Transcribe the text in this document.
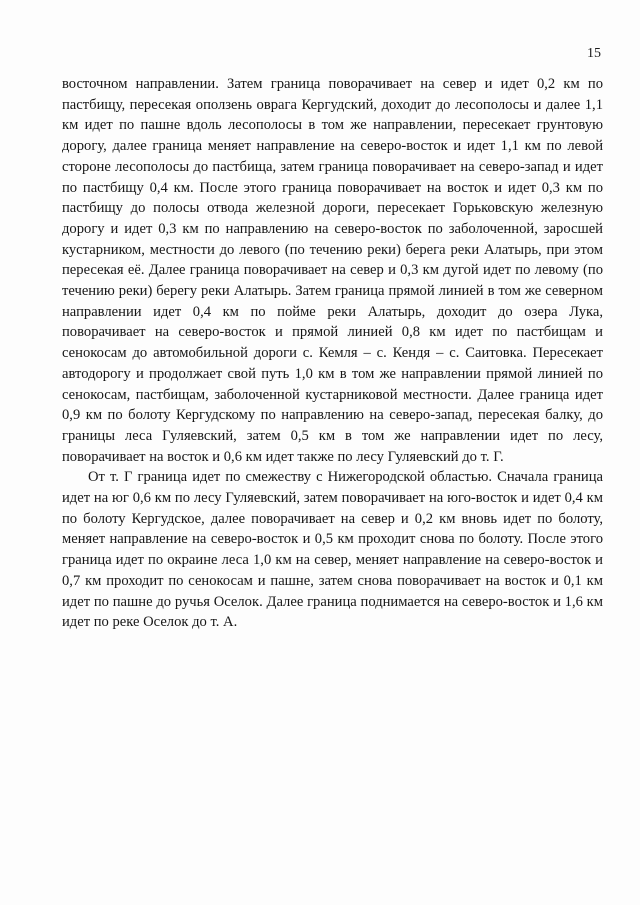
15

восточном направлении. Затем граница поворачивает на север и идет 0,2 км по пастбищу, пересекая оползень оврага Кергудский, доходит до лесополосы и далее 1,1 км идет по пашне вдоль лесополосы в том же направлении, пересекает грунтовую дорогу, далее граница меняет направление на северо-восток и идет 1,1 км по левой стороне лесополосы до пастбища, затем граница поворачивает на северо-запад и идет по пастбищу 0,4 км. После этого граница поворачивает на восток и идет 0,3 км по пастбищу до полосы отвода железной дороги, пересекает Горьковскую железную дорогу и идет 0,3 км по направлению на северо-восток по заболоченной, заросшей кустарником, местности до левого (по течению реки) берега реки Алатырь, при этом пересекая её. Далее граница поворачивает на север и 0,3 км дугой идет по левому (по течению реки) берегу реки Алатырь. Затем граница прямой линией в том же северном направлении идет 0,4 км по пойме реки Алатырь, доходит до озера Лука, поворачивает на северо-восток и прямой линией 0,8 км идет по пастбищам и сенокосам до автомобильной дороги с. Кемля – с. Кендя – с. Саитовка. Пересекает автодорогу и продолжает свой путь 1,0 км в том же направлении прямой линией по сенокосам, пастбищам, заболоченной кустарниковой местности. Далее граница идет 0,9 км по болоту Кергудскому по направлению на северо-запад, пересекая балку, до границы леса Гуляевский, затем 0,5 км в том же направлении идет по лесу, поворачивает на восток и 0,6 км идет также по лесу Гуляевский до т. Г.

От т. Г граница идет по смежеству с Нижегородской областью. Сначала граница идет на юг 0,6 км по лесу Гуляевский, затем поворачивает на юго-восток и идет 0,4 км по болоту Кергудское, далее поворачивает на север и 0,2 км вновь идет по болоту, меняет направление на северо-восток и 0,5 км проходит снова по болоту. После этого граница идет по окраине леса 1,0 км на север, меняет направление на северо-восток и 0,7 км проходит по сенокосам и пашне, затем снова поворачивает на восток и 0,1 км идет по пашне до ручья Оселок. Далее граница поднимается на северо-восток и 1,6 км идет по реке Оселок до т. А.
